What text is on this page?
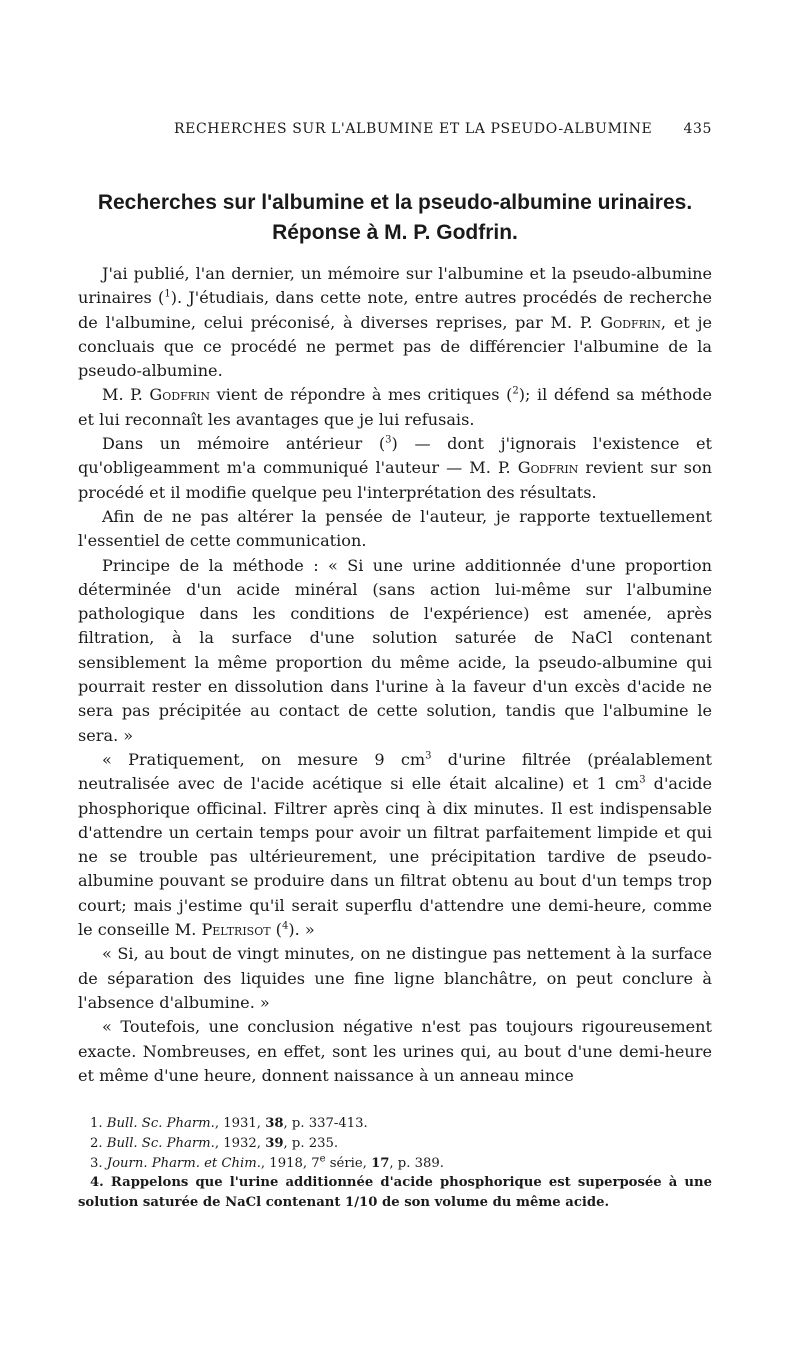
RECHERCHES SUR L'ALBUMINE ET LA PSEUDO-ALBUMINE 435
Recherches sur l'albumine et la pseudo-albumine urinaires.
Réponse à M. P. Godfrin.

J'ai publié, l'an dernier, un mémoire sur l'albumine et la pseudo-albumine urinaires ($^1$). J'étudiais, dans cette note, entre autres procédés de recherche de l'albumine, celui préconisé, à diverses reprises, par M. P. Godfrin, et je concluais que ce procédé ne permet pas de différencier l'albumine de la pseudo-albumine.

M. P. Godfrin vient de répondre à mes critiques ($^2$); il défend sa méthode et lui reconnaît les avantages que je lui refusais.

Dans un mémoire antérieur ($^3$) — dont j'ignorais l'existence et qu'obligeamment m'a communiqué l'auteur — M. P. Godfrin revient sur son procédé et il modifie quelque peu l'interprétation des résultats.

Afin de ne pas altérer la pensée de l'auteur, je rapporte textuellement l'essentiel de cette communication.

Principe de la méthode : « Si une urine additionnée d'une proportion déterminée d'un acide minéral (sans action lui-même sur l'albumine pathologique dans les conditions de l'expérience) est amenée, après filtration, à la surface d'une solution saturée de NaCl contenant sensiblement la même proportion du même acide, la pseudo-albumine qui pourrait rester en dissolution dans l'urine à la faveur d'un excès d'acide ne sera pas précipitée au contact de cette solution, tandis que l'albumine le sera. »

« Pratiquement, on mesure 9 $cm^3$ d'urine filtrée (préalablement neutralisée avec de l'acide acétique si elle était alcaline) et 1 $cm^3$ d'acide phosphorique officinal. Filtrer après cinq à dix minutes. Il est indispensable d'attendre un certain temps pour avoir un filtrat parfaitement limpide et qui ne se trouble pas ultérieurement, une précipitation tardive de pseudo-albumine pouvant se produire dans un filtrat obtenu au bout d'un temps trop court; mais j'estime qu'il serait superflu d'attendre une demi-heure, comme le conseille M. Peltrisot ($^4$). »

« Si, au bout de vingt minutes, on ne distingue pas nettement à la surface de séparation des liquides une fine ligne blanchâtre, on peut conclure à l'absence d'albumine. »

« Toutefois, une conclusion négative n'est pas toujours rigoureusement exacte. Nombreuses, en effet, sont les urines qui, au bout d'une demi-heure et même d'une heure, donnent naissance à un anneau mince

1. Bull. Sc. Pharm., 1931, 38, p. 337-413.
2. Bull. Sc. Pharm., 1932, 39, p. 235.
3. Journ. Pharm. et Chim., 1918, 7e série, 17, p. 389.
4. Rappelons que l'urine additionnée d'acide phosphorique est superposée à une solution saturée de NaCl contenant 1/10 de son volume du même acide.
